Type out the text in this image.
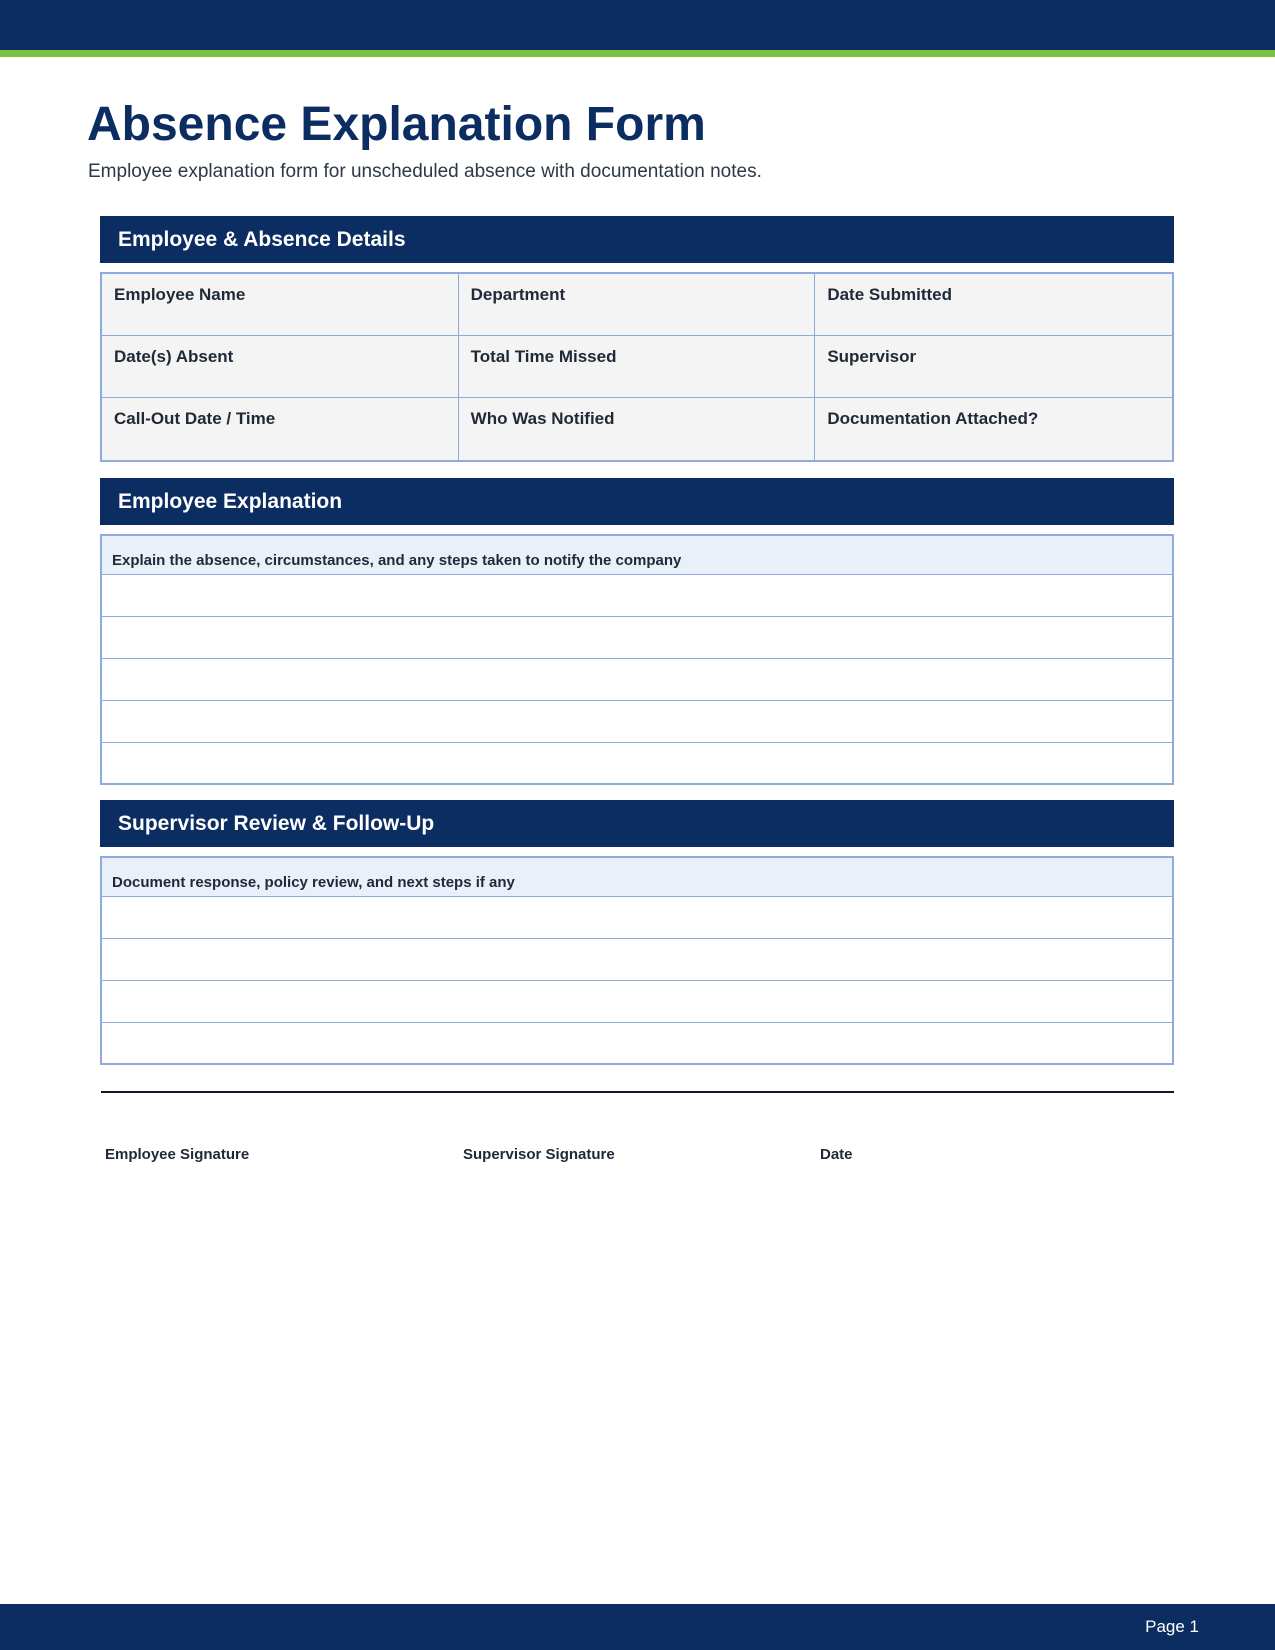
Absence Explanation Form

Employee explanation form for unscheduled absence with documentation notes.

Employee & Absence Details
Employee Name	Department	Date Submitted
Date(s) Absent	Total Time Missed	Supervisor
Call-Out Date / Time	Who Was Notified	Documentation Attached?
Employee Explanation
Explain the absence, circumstances, and any steps taken to notify the company
Supervisor Review & Follow-Up
Document response, policy review, and next steps if any
Employee Signature	Supervisor Signature	Date
Page 1
